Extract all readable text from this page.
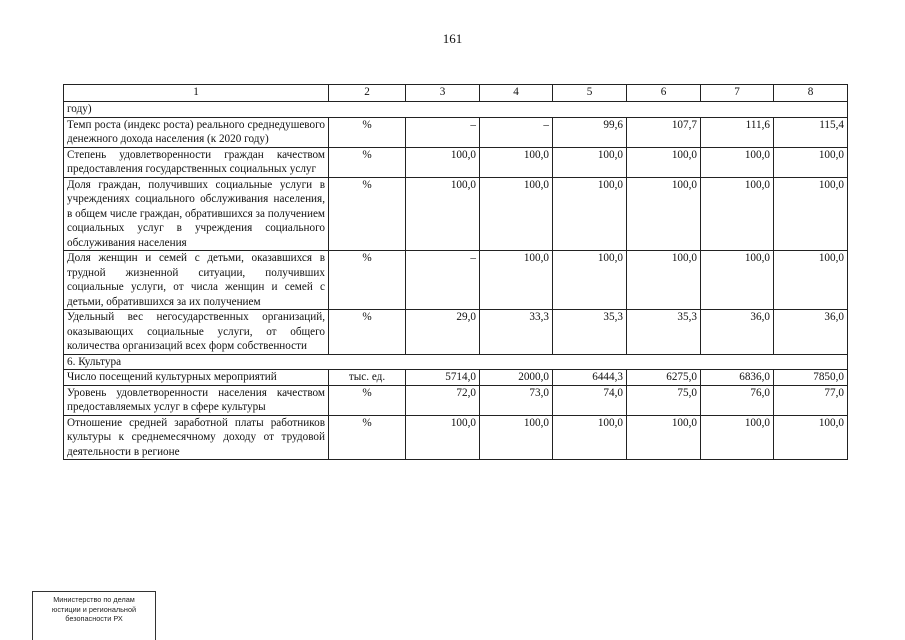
161
1	2	3	4	5	6	7	8
году)							
Темп роста (индекс роста) реального среднедушевого денежного дохода населения (к 2020 году)	%	–	–	99,6	107,7	111,6	115,4
Степень удовлетворенности граждан качеством предоставления государственных социальных услуг	%	100,0	100,0	100,0	100,0	100,0	100,0
Доля граждан, получивших социальные услуги в учреждениях социального обслуживания населения, в общем числе граждан, обратившихся за получением социальных услуг в учреждения социального обслуживания населения	%	100,0	100,0	100,0	100,0	100,0	100,0
Доля женщин и семей с детьми, оказавшихся в трудной жизненной ситуации, получивших социальные услуги, от числа женщин и семей с детьми, обратившихся за их получением	%	–	100,0	100,0	100,0	100,0	100,0
Удельный вес негосударственных организаций, оказывающих социальные услуги, от общего количества организаций всех форм собственности	%	29,0	33,3	35,3	35,3	36,0	36,0
6. Культура							
Число посещений культурных мероприятий	тыс. ед.	5714,0	2000,0	6444,3	6275,0	6836,0	7850,0
Уровень удовлетворенности населения качеством предоставляемых услуг в сфере культуры	%	72,0	73,0	74,0	75,0	76,0	77,0
Отношение средней заработной платы работников культуры к среднемесячному доходу от трудовой деятельности в регионе	%	100,0	100,0	100,0	100,0	100,0	100,0
Министерство по делам
юстиции и региональной
безопасности РХ
